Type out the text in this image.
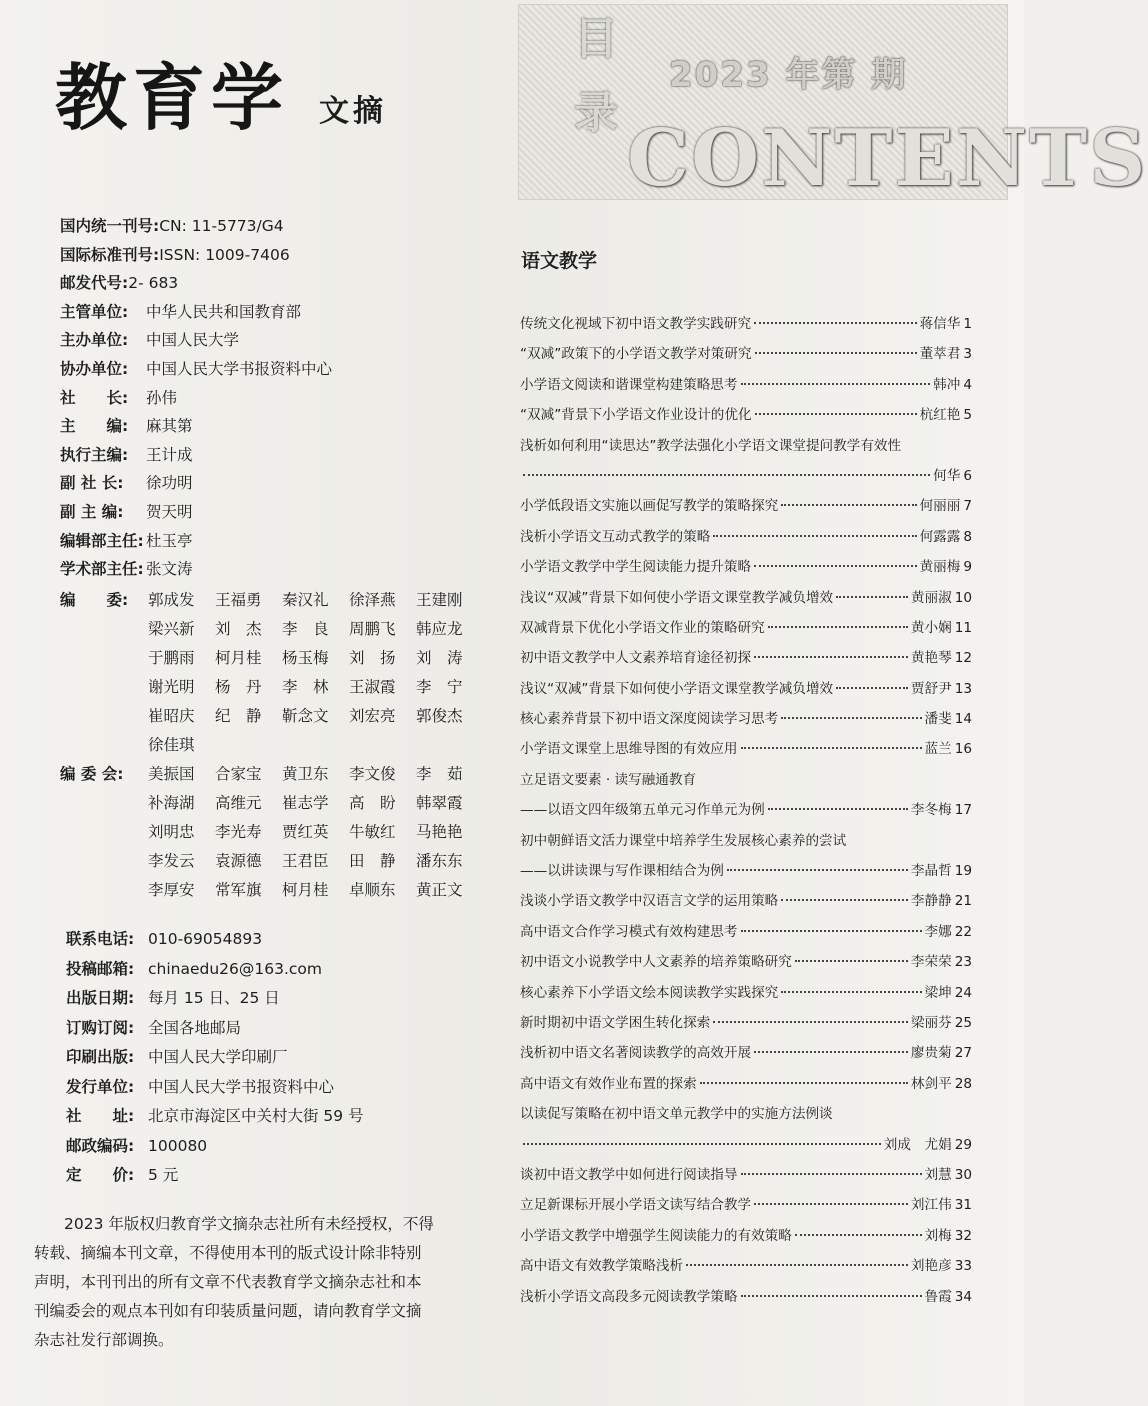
教育学 文摘
国内统一刊号: CN: 11-5773/G4
国际标准刊号: ISSN: 1009-7406
邮发代号: 2- 683
主管单位:	中华人民共和国教育部
主办单位:	中国人民大学
协办单位:	中国人民大学书报资料中心
社　　长:	孙伟
主　　编:	麻其第
执行主编:	王计成
副 社 长:	徐功明
副 主 编:	贺天明
编辑部主任: 杜玉亭
学术部主任: 张文涛
编　　委:	郭成发	王福勇	秦汉礼	徐泽燕	王建刚
梁兴新	刘　杰	李　良	周鹏飞	韩应龙
于鹏雨	柯月桂	杨玉梅	刘　扬	刘　涛
谢光明	杨　丹	李　林	王淑霞	李　宁
崔昭庆	纪　静	靳念文	刘宏亮	郭俊杰
徐佳琪
编 委 会:	美振国	合家宝	黄卫东	李文俊	李　茹
补海湖	高维元	崔志学	高　盼	韩翠霞
刘明忠	李光寿	贾红英	牛敏红	马艳艳
李发云	袁源德	王君臣	田　静	潘东东
李厚安	常军旗	柯月桂	卓顺东	黄正文
联系电话: 010-69054893
投稿邮箱: chinaedu26@163.com
出版日期: 每月 15 日、25 日
订购订阅: 全国各地邮局
印刷出版: 中国人民大学印刷厂
发行单位: 中国人民大学书报资料中心
社　　址: 北京市海淀区中关村大街 59 号
邮政编码: 100080
定　　价: 5 元
2023 年版权归教育学文摘杂志社所有未经授权，不得转载、摘编本刊文章，不得使用本刊的版式设计除非特别声明，本刊刊出的所有文章不代表教育学文摘杂志社和本刊编委会的观点本刊如有印装质量问题，请向教育学文摘杂志社发行部调换。
目录 2023 年第 期
CONTENTS
语文教学
传统文化视域下初中语文教学实践研究	蒋信华 1
“双减”政策下的小学语文教学对策研究	董萃君 3
小学语文阅读和谐课堂构建策略思考	韩冲 4
“双减”背景下小学语文作业设计的优化	杭红艳 5
浅析如何利用“读思达”教学法强化小学语文课堂提问教学有效性
何华 6
小学低段语文实施以画促写教学的策略探究	何丽丽 7
浅析小学语文互动式教学的策略	何露露 8
小学语文教学中学生阅读能力提升策略	黄丽梅 9
浅议“双减”背景下如何使小学语文课堂教学减负增效	黄丽淑 10
双减背景下优化小学语文作业的策略研究	黄小娴 11
初中语文教学中人文素养培育途径初探	黄艳琴 12
浅议“双减”背景下如何使小学语文课堂教学减负增效	贾舒尹 13
核心素养背景下初中语文深度阅读学习思考	潘斐 14
小学语文课堂上思维导图的有效应用	蓝兰 16
立足语文要素 · 读写融通教育
——以语文四年级第五单元习作单元为例	李冬梅 17
初中朝鲜语文活力课堂中培养学生发展核心素养的尝试
——以讲读课与写作课相结合为例	李晶哲 19
浅谈小学语文教学中汉语言文学的运用策略	李静静 21
高中语文合作学习模式有效构建思考	李娜 22
初中语文小说教学中人文素养的培养策略研究	李荣荣 23
核心素养下小学语文绘本阅读教学实践探究	梁坤 24
新时期初中语文学困生转化探索	梁丽芬 25
浅析初中语文名著阅读教学的高效开展	廖贵菊 27
高中语文有效作业布置的探索	林剑平 28
以读促写策略在初中语文单元教学中的实施方法例谈
刘成　尤娟 29
谈初中语文教学中如何进行阅读指导	刘慧 30
立足新课标开展小学语文读写结合教学	刘江伟 31
小学语文教学中增强学生阅读能力的有效策略	刘梅 32
高中语文有效教学策略浅析	刘艳彦 33
浅析小学语文高段多元阅读教学策略	鲁霞 34
